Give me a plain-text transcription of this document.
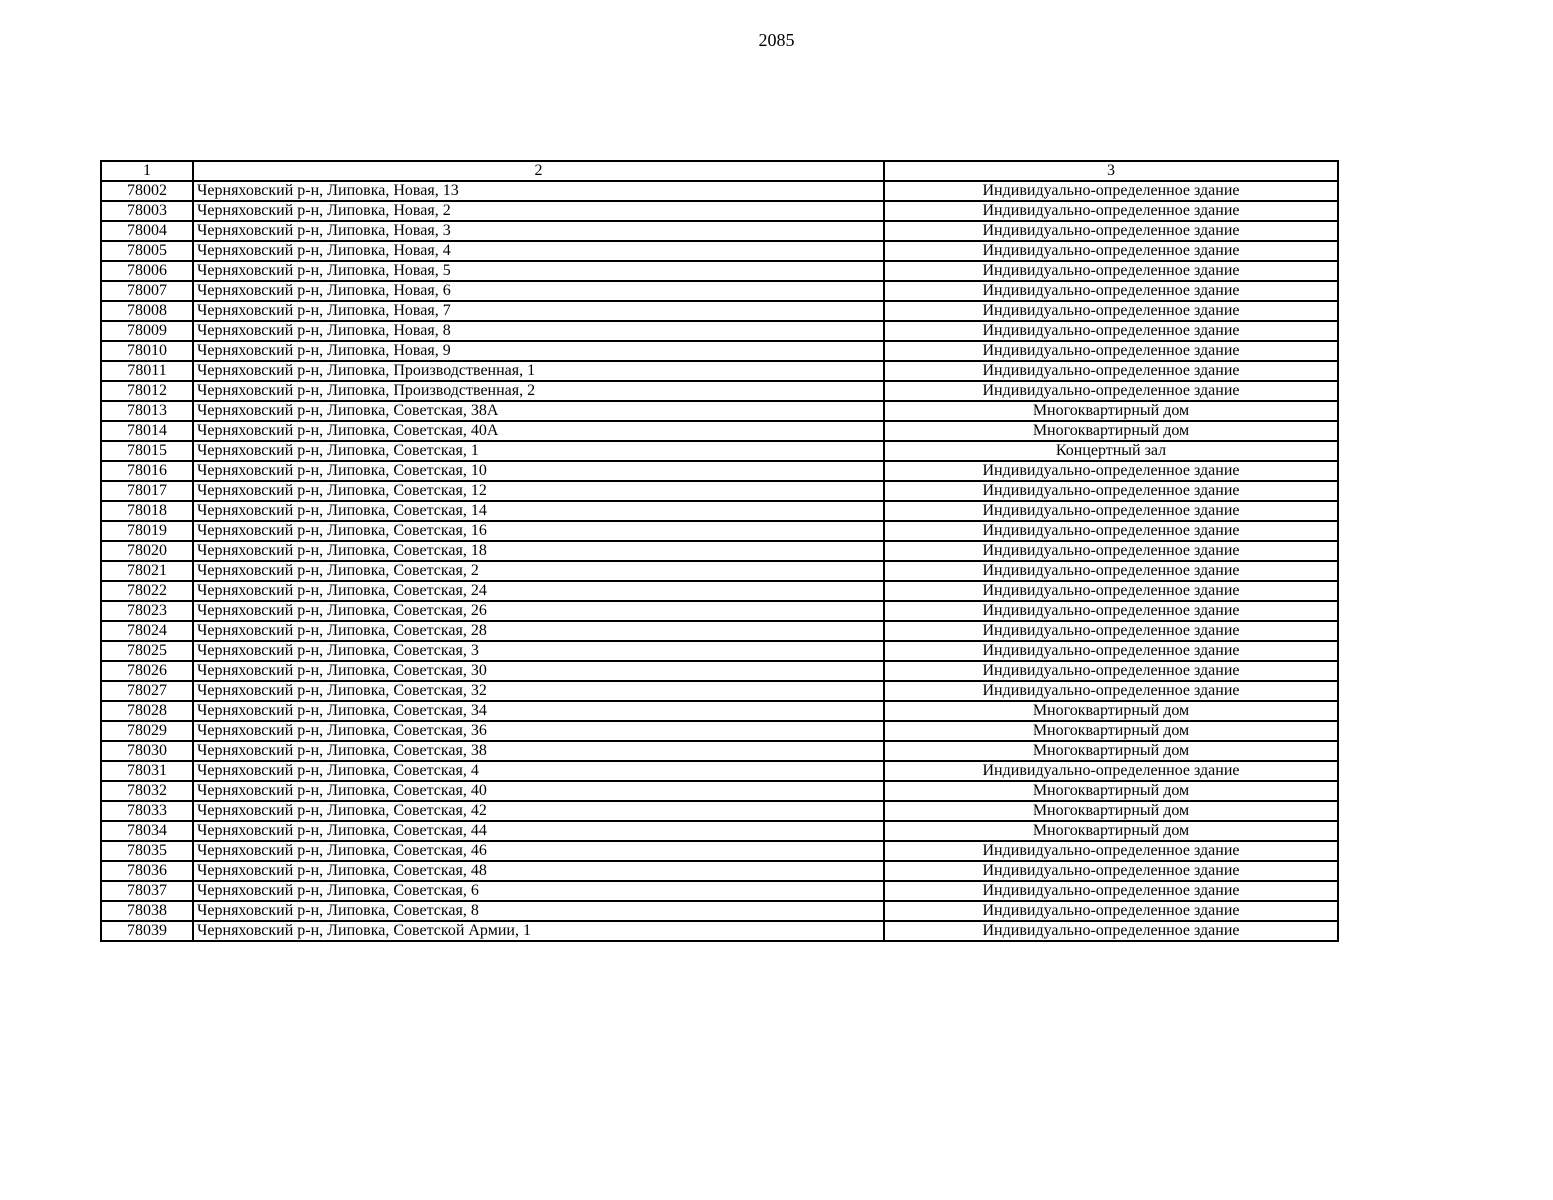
2085
1	2	3
78002	Черняховский р-н, Липовка, Новая, 13	Индивидуально-определенное здание
78003	Черняховский р-н, Липовка, Новая, 2	Индивидуально-определенное здание
78004	Черняховский р-н, Липовка, Новая, 3	Индивидуально-определенное здание
78005	Черняховский р-н, Липовка, Новая, 4	Индивидуально-определенное здание
78006	Черняховский р-н, Липовка, Новая, 5	Индивидуально-определенное здание
78007	Черняховский р-н, Липовка, Новая, 6	Индивидуально-определенное здание
78008	Черняховский р-н, Липовка, Новая, 7	Индивидуально-определенное здание
78009	Черняховский р-н, Липовка, Новая, 8	Индивидуально-определенное здание
78010	Черняховский р-н, Липовка, Новая, 9	Индивидуально-определенное здание
78011	Черняховский р-н, Липовка, Производственная, 1	Индивидуально-определенное здание
78012	Черняховский р-н, Липовка, Производственная, 2	Индивидуально-определенное здание
78013	Черняховский р-н, Липовка, Советская, 38А	Многоквартирный дом
78014	Черняховский р-н, Липовка, Советская, 40А	Многоквартирный дом
78015	Черняховский р-н, Липовка, Советская, 1	Концертный зал
78016	Черняховский р-н, Липовка, Советская, 10	Индивидуально-определенное здание
78017	Черняховский р-н, Липовка, Советская, 12	Индивидуально-определенное здание
78018	Черняховский р-н, Липовка, Советская, 14	Индивидуально-определенное здание
78019	Черняховский р-н, Липовка, Советская, 16	Индивидуально-определенное здание
78020	Черняховский р-н, Липовка, Советская, 18	Индивидуально-определенное здание
78021	Черняховский р-н, Липовка, Советская, 2	Индивидуально-определенное здание
78022	Черняховский р-н, Липовка, Советская, 24	Индивидуально-определенное здание
78023	Черняховский р-н, Липовка, Советская, 26	Индивидуально-определенное здание
78024	Черняховский р-н, Липовка, Советская, 28	Индивидуально-определенное здание
78025	Черняховский р-н, Липовка, Советская, 3	Индивидуально-определенное здание
78026	Черняховский р-н, Липовка, Советская, 30	Индивидуально-определенное здание
78027	Черняховский р-н, Липовка, Советская, 32	Индивидуально-определенное здание
78028	Черняховский р-н, Липовка, Советская, 34	Многоквартирный дом
78029	Черняховский р-н, Липовка, Советская, 36	Многоквартирный дом
78030	Черняховский р-н, Липовка, Советская, 38	Многоквартирный дом
78031	Черняховский р-н, Липовка, Советская, 4	Индивидуально-определенное здание
78032	Черняховский р-н, Липовка, Советская, 40	Многоквартирный дом
78033	Черняховский р-н, Липовка, Советская, 42	Многоквартирный дом
78034	Черняховский р-н, Липовка, Советская, 44	Многоквартирный дом
78035	Черняховский р-н, Липовка, Советская, 46	Индивидуально-определенное здание
78036	Черняховский р-н, Липовка, Советская, 48	Индивидуально-определенное здание
78037	Черняховский р-н, Липовка, Советская, 6	Индивидуально-определенное здание
78038	Черняховский р-н, Липовка, Советская, 8	Индивидуально-определенное здание
78039	Черняховский р-н, Липовка, Советской Армии, 1	Индивидуально-определенное здание
